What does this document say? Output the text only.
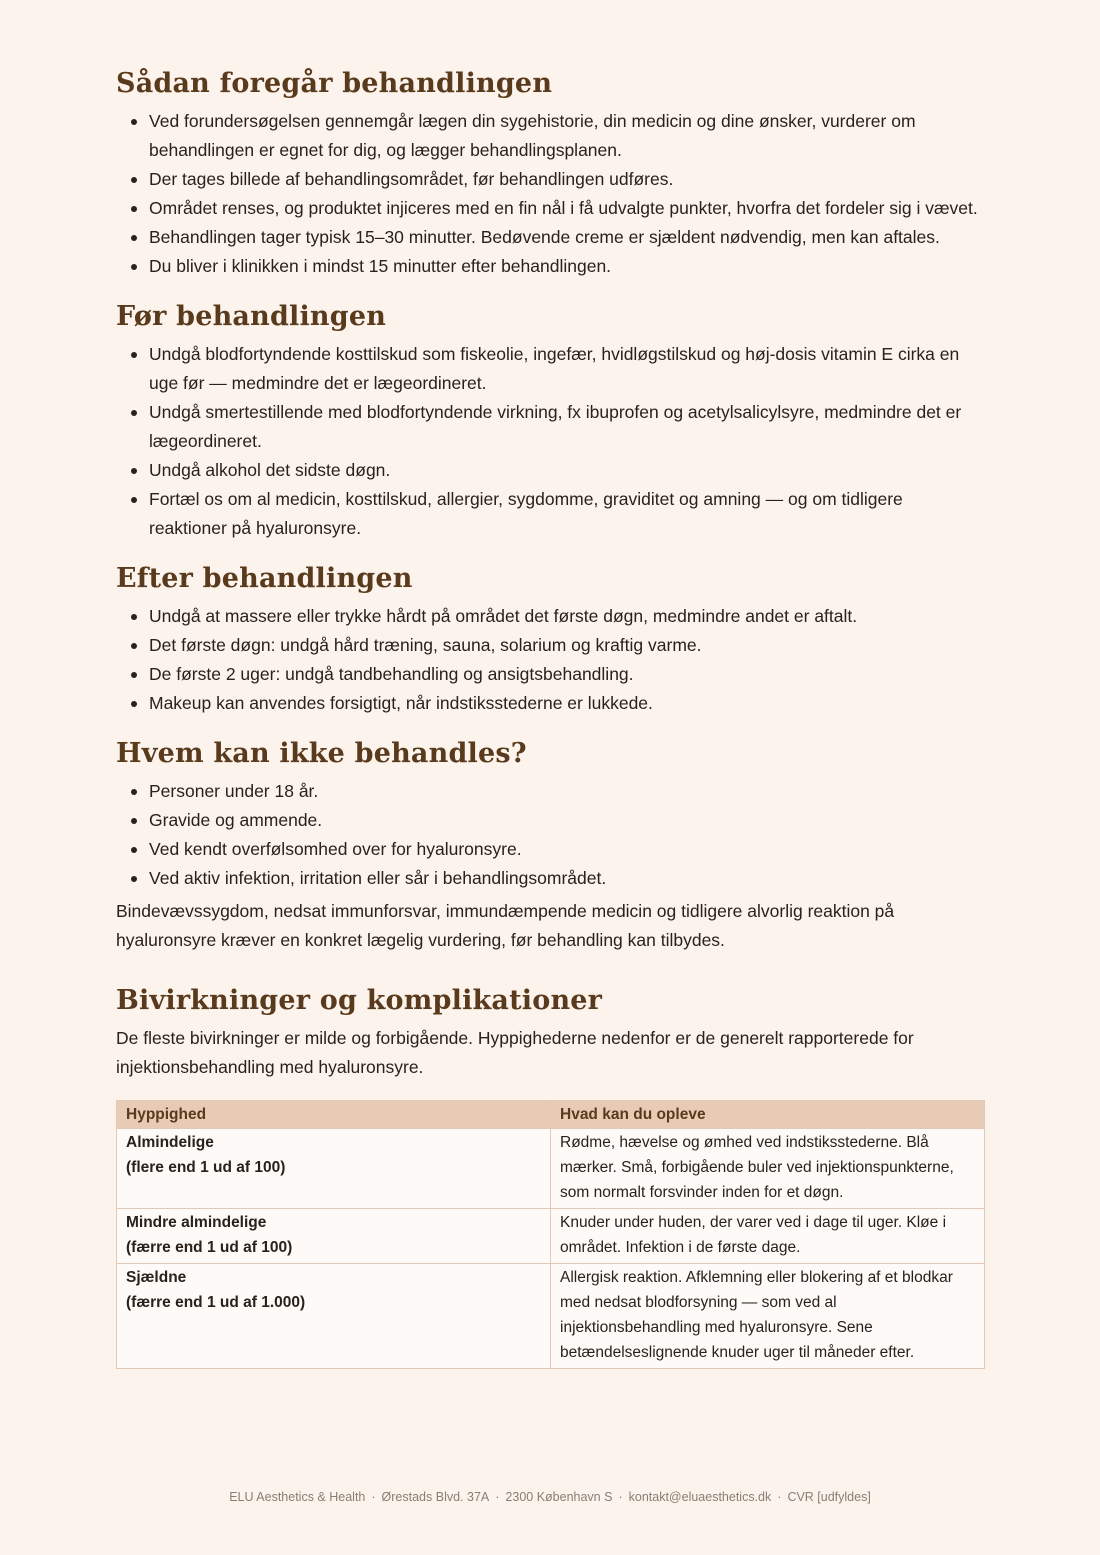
Sådan foregår behandlingen
Ved forundersøgelsen gennemgår lægen din sygehistorie, din medicin og dine ønsker, vurderer om behandlingen er egnet for dig, og lægger behandlingsplanen.
Der tages billede af behandlingsområdet, før behandlingen udføres.
Området renses, og produktet injiceres med en fin nål i få udvalgte punkter, hvorfra det fordeler sig i vævet.
Behandlingen tager typisk 15–30 minutter. Bedøvende creme er sjældent nødvendig, men kan aftales.
Du bliver i klinikken i mindst 15 minutter efter behandlingen.
Før behandlingen
Undgå blodfortyndende kosttilskud som fiskeolie, ingefær, hvidløgstilskud og høj-dosis vitamin E cirka en uge før — medmindre det er lægeordineret.
Undgå smertestillende med blodfortyndende virkning, fx ibuprofen og acetylsalicylsyre, medmindre det er lægeordineret.
Undgå alkohol det sidste døgn.
Fortæl os om al medicin, kosttilskud, allergier, sygdomme, graviditet og amning — og om tidligere reaktioner på hyaluronsyre.
Efter behandlingen
Undgå at massere eller trykke hårdt på området det første døgn, medmindre andet er aftalt.
Det første døgn: undgå hård træning, sauna, solarium og kraftig varme.
De første 2 uger: undgå tandbehandling og ansigtsbehandling.
Makeup kan anvendes forsigtigt, når indstiksstederne er lukkede.
Hvem kan ikke behandles?
Personer under 18 år.
Gravide og ammende.
Ved kendt overfølsomhed over for hyaluronsyre.
Ved aktiv infektion, irritation eller sår i behandlingsområdet.

Bindevævssygdom, nedsat immunforsvar, immundæmpende medicin og tidligere alvorlig reaktion på hyaluronsyre kræver en konkret lægelig vurdering, før behandling kan tilbydes.

Bivirkninger og komplikationer

De fleste bivirkninger er milde og forbigående. Hyppighederne nedenfor er de generelt rapporterede for injektionsbehandling med hyaluronsyre.

Hyppighed	Hvad kan du opleve

Almindelige
(flere end 1 ud af 100)	Rødme, hævelse og ømhed ved indstiksstederne. Blå mærker. Små, forbigående buler ved injektionspunkterne, som normalt forsvinder inden for et døgn.

Mindre almindelige
(færre end 1 ud af 100)	Knuder under huden, der varer ved i dage til uger. Kløe i området. Infektion i de første dage.

Sjældne
(færre end 1 ud af 1.000)	Allergisk reaktion. Afklemning eller blokering af et blodkar med nedsat blodforsyning — som ved al injektionsbehandling med hyaluronsyre. Sene betændelseslignende knuder uger til måneder efter.
ELU Aesthetics & Health · Ørestads Blvd. 37A · 2300 København S · kontakt@eluaesthetics.dk · CVR [udfyldes]
